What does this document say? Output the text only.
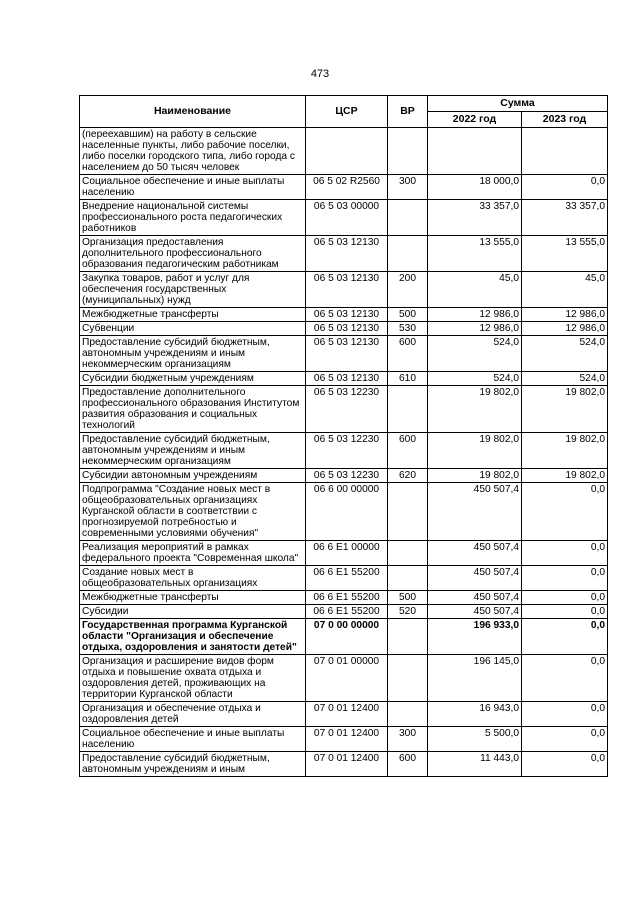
473
Наименование	ЦСР	ВР	Сумма	
			2022 год	2023 год
(переехавшим) на работу в сельские населенные пункты, либо рабочие поселки, либо поселки городского типа, либо города с населением до 50 тысяч человек				
Социальное обеспечение и иные выплаты населению	06 5 02 R2560	300	18 000,0	0,0
Внедрение национальной системы профессионального роста педагогических работников	06 5 03 00000		33 357,0	33 357,0
Организация предоставления дополнительного профессионального образования педагогическим работникам	06 5 03 12130		13 555,0	13 555,0
Закупка товаров, работ и услуг для обеспечения государственных (муниципальных) нужд	06 5 03 12130	200	45,0	45,0
Межбюджетные трансферты	06 5 03 12130	500	12 986,0	12 986,0
Субвенции	06 5 03 12130	530	12 986,0	12 986,0
Предоставление субсидий бюджетным, автономным учреждениям и иным некоммерческим организациям	06 5 03 12130	600	524,0	524,0
Субсидии бюджетным учреждениям	06 5 03 12130	610	524,0	524,0
Предоставление дополнительного профессионального образования Институтом развития образования и социальных технологий	06 5 03 12230		19 802,0	19 802,0
Предоставление субсидий бюджетным, автономным учреждениям и иным некоммерческим организациям	06 5 03 12230	600	19 802,0	19 802,0
Субсидии автономным учреждениям	06 5 03 12230	620	19 802,0	19 802,0
Подпрограмма "Создание новых мест в общеобразовательных организациях Курганской области в соответствии с прогнозируемой потребностью и современными условиями обучения"	06 6 00 00000		450 507,4	0,0
Реализация мероприятий в рамках федерального проекта "Современная школа"	06 6 E1 00000		450 507,4	0,0
Создание новых мест в общеобразовательных организациях	06 6 E1 55200		450 507,4	0,0
Межбюджетные трансферты	06 6 E1 55200	500	450 507,4	0,0
Субсидии	06 6 E1 55200	520	450 507,4	0,0
Государственная программа Курганской области "Организация и обеспечение отдыха, оздоровления и занятости детей"	07 0 00 00000		196 933,0	0,0
Организация и расширение видов форм отдыха и повышение охвата отдыха и оздоровления детей, проживающих на территории Курганской области	07 0 01 00000		196 145,0	0,0
Организация и обеспечение отдыха и оздоровления детей	07 0 01 12400		16 943,0	0,0
Социальное обеспечение и иные выплаты населению	07 0 01 12400	300	5 500,0	0,0
Предоставление субсидий бюджетным, автономным учреждениям и иным	07 0 01 12400	600	11 443,0	0,0
